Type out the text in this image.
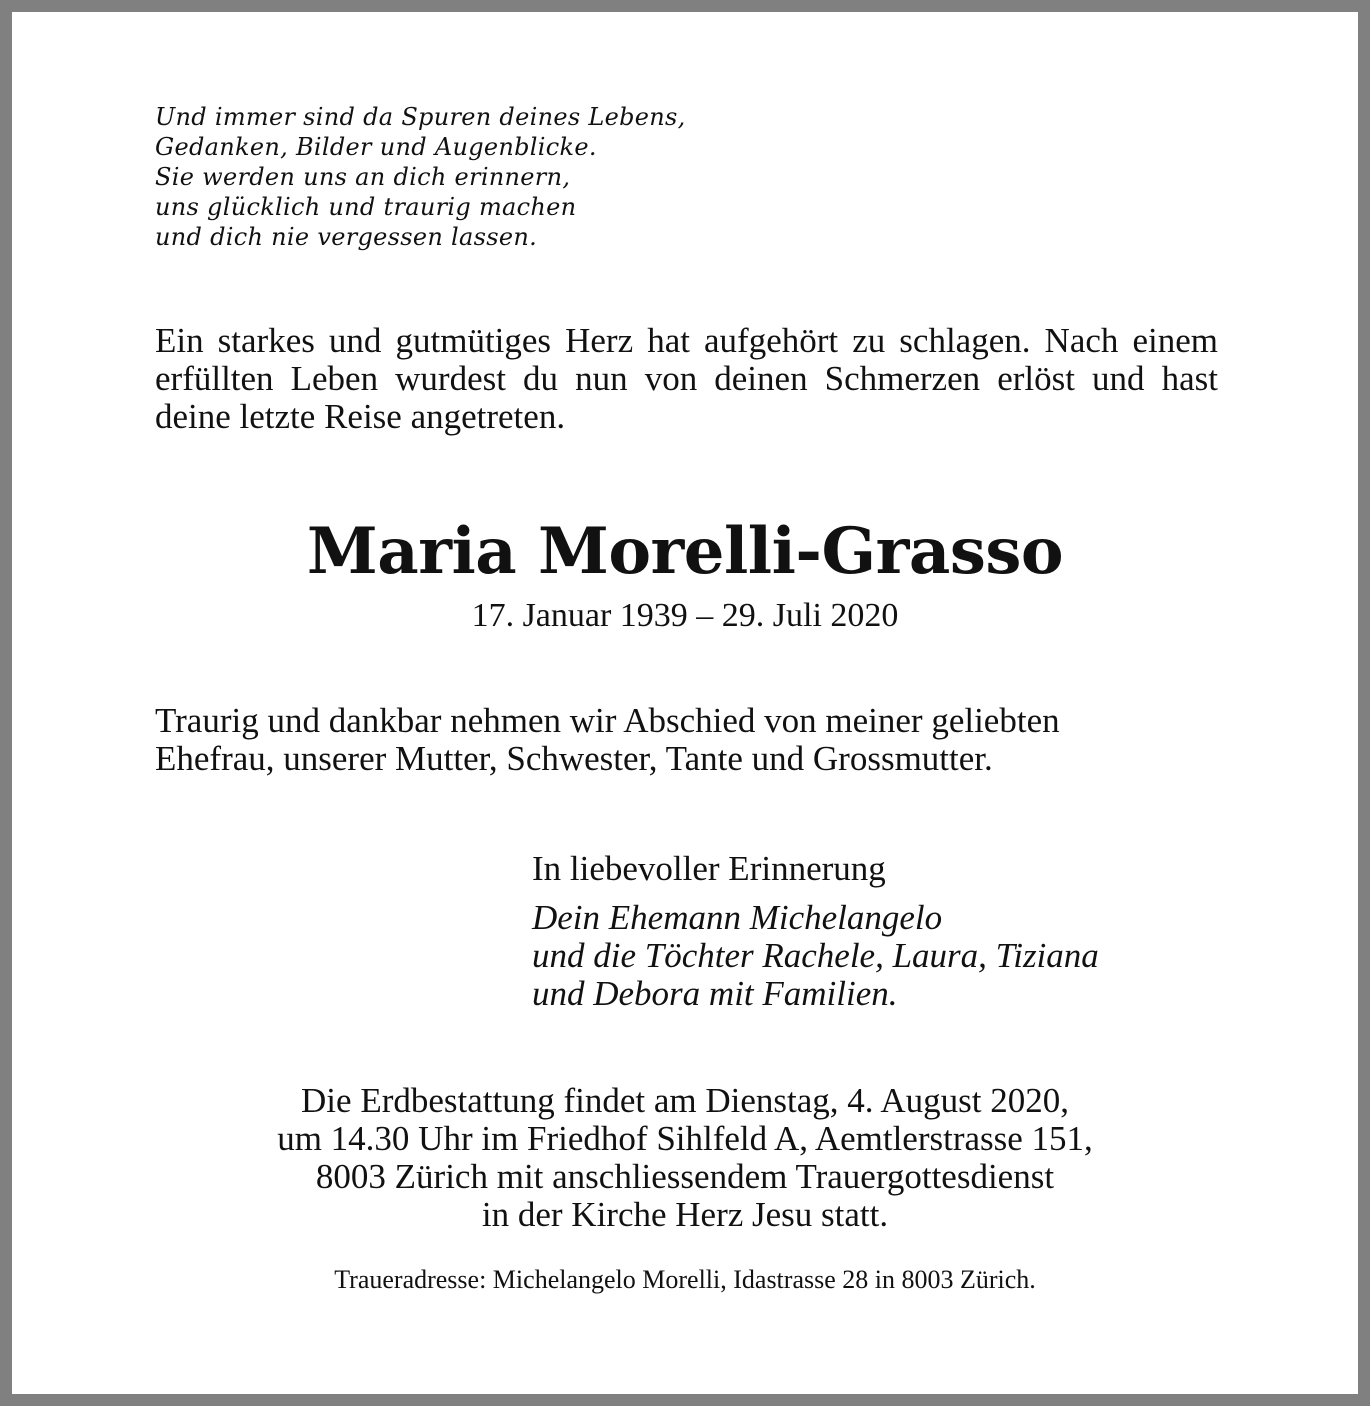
Und immer sind da Spuren deines Lebens,
Gedanken, Bilder und Augenblicke.
Sie werden uns an dich erinnern,
uns glücklich und traurig machen
und dich nie vergessen lassen.
Ein starkes und gutmütiges Herz hat aufgehört zu schlagen. Nach einem erfüllten Leben wurdest du nun von deinen Schmerzen erlöst und hast deine letzte Reise angetreten.
Maria Morelli-Grasso
17. Januar 1939 – 29. Juli 2020
Traurig und dankbar nehmen wir Abschied von meiner geliebten
Ehefrau, unserer Mutter, Schwester, Tante und Grossmutter.
In liebevoller Erinnerung
Dein Ehemann Michelangelo
und die Töchter Rachele, Laura, Tiziana
und Debora mit Familien.
Die Erdbestattung findet am Dienstag, 4. August 2020,
um 14.30 Uhr im Friedhof Sihlfeld A, Aemtlerstrasse 151,
8003 Zürich mit anschliessendem Trauergottesdienst
in der Kirche Herz Jesu statt.
Traueradresse: Michelangelo Morelli, Idastrasse 28 in 8003 Zürich.
